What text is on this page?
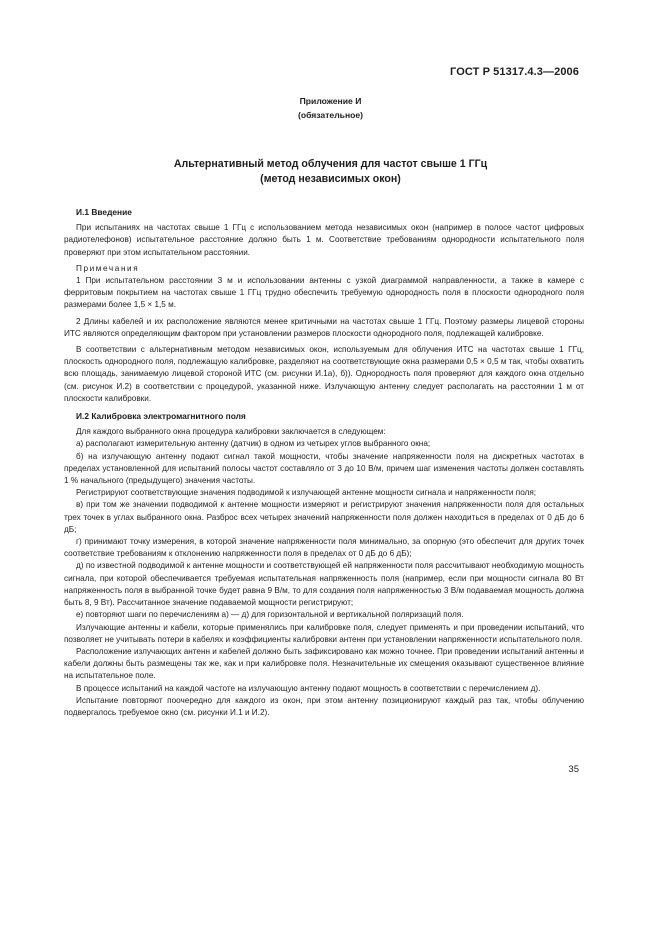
ГОСТ Р 51317.4.3—2006
Приложение И
(обязательное)
Альтернативный метод облучения для частот свыше 1 ГГц
(метод независимых окон)
И.1 Введение

При испытаниях на частотах свыше 1 ГГц с использованием метода независимых окон (например в полосе частот цифровых радиотелефонов) испытательное расстояние должно быть 1 м. Соответствие требованиям однородности испытательного поля проверяют при этом испытательном расстоянии.

Примечания

1 При испытательном расстоянии 3 м и использовании антенны с узкой диаграммой направленности, а также в камере с ферритовым покрытием на частотах свыше 1 ГГц трудно обеспечить требуемую однородность поля в плоскости однородного поля размерами более 1,5 × 1,5 м.

2 Длины кабелей и их расположение являются менее критичными на частотах свыше 1 ГГц. Поэтому размеры лицевой стороны ИТС являются определяющим фактором при установлении размеров плоскости однородного поля, подлежащей калибровке.

В соответствии с альтернативным методом независимых окон, используемым для облучения ИТС на частотах свыше 1 ГГц, плоскость однородного поля, подлежащую калибровке, разделяют на соответствующие окна размерами 0,5 × 0,5 м так, чтобы охватить всю площадь, занимаемую лицевой стороной ИТС (см. рисунки И.1а), б)). Однородность поля проверяют для каждого окна отдельно (см. рисунок И.2) в соответствии с процедурой, указанной ниже. Излучающую антенну следует располагать на расстоянии 1 м от плоскости калибровки.

И.2 Калибровка электромагнитного поля

Для каждого выбранного окна процедура калибровки заключается в следующем:

а) располагают измерительную антенну (датчик) в одном из четырех углов выбранного окна;

б) на излучающую антенну подают сигнал такой мощности, чтобы значение напряженности поля на дискретных частотах в пределах установленной для испытаний полосы частот составляло от 3 до 10 В/м, причем шаг изменения частоты должен составлять 1 % начального (предыдущего) значения частоты.

Регистрируют соответствующие значения подводимой к излучающей антенне мощности сигнала и напряженности поля;

в) при том же значении подводимой к антенне мощности измеряют и регистрируют значения напряженности поля для остальных трех точек в углах выбранного окна. Разброс всех четырех значений напряженности поля должен находиться в пределах от 0 дБ до 6 дБ;

г) принимают точку измерения, в которой значение напряженности поля минимально, за опорную (это обеспечит для других точек соответствие требованиям к отклонению напряженности поля в пределах от 0 дБ до 6 дБ);

д) по известной подводимой к антенне мощности и соответствующей ей напряженности поля рассчитывают необходимую мощность сигнала, при которой обеспечивается требуемая испытательная напряженность поля (например, если при мощности сигнала 80 Вт напряженность поля в выбранной точке будет равна 9 В/м, то для создания поля напряженностью 3 В/м подаваемая мощность должна быть 8, 9 Вт). Рассчитанное значение подаваемой мощности регистрируют;

е) повторяют шаги по перечислениям а) — д) для горизонтальной и вертикальной поляризаций поля.

Излучающие антенны и кабели, которые применялись при калибровке поля, следует применять и при проведении испытаний, что позволяет не учитывать потери в кабелях и коэффициенты калибровки антенн при установлении напряженности испытательного поля.

Расположение излучающих антенн и кабелей должно быть зафиксировано как можно точнее. При проведении испытаний антенны и кабели должны быть размещены так же, как и при калибровке поля. Незначительные их смещения оказывают существенное влияние на испытательное поле.

В процессе испытаний на каждой частоте на излучающую антенну подают мощность в соответствии с перечислением д).

Испытание повторяют поочередно для каждого из окон, при этом антенну позиционируют каждый раз так, чтобы облучению подвергалось требуемое окно (см. рисунки И.1 и И.2).

35
